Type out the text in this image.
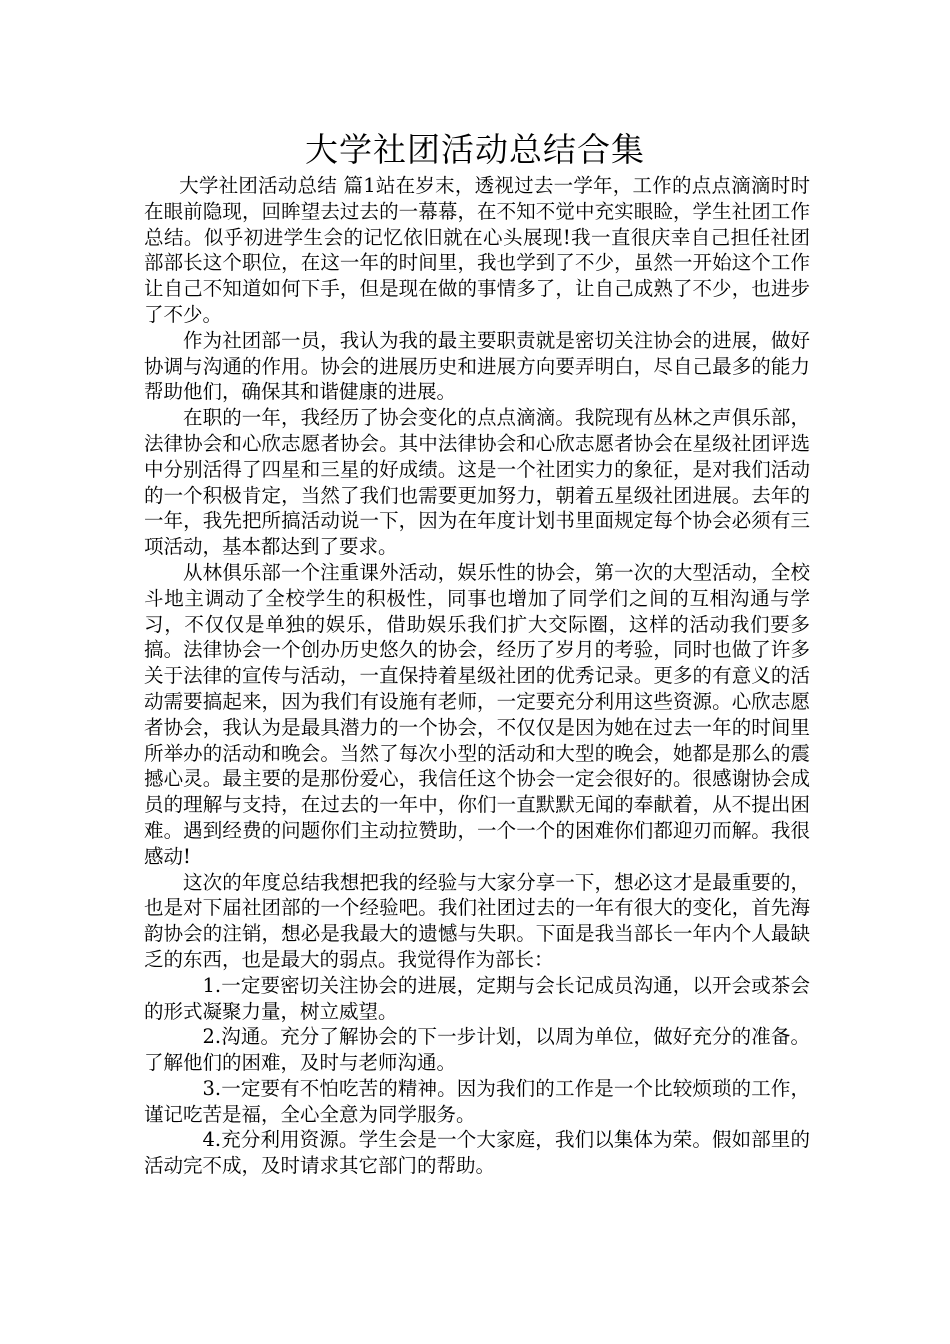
大学社团活动总结合集

大学社团活动总结 篇1站在岁末，透视过去一学年，工作的点点滴滴时时在眼前隐现，回眸望去过去的一幕幕，在不知不觉中充实眼睑，学生社团工作总结。似乎初进学生会的记忆依旧就在心头展现!我一直很庆幸自己担任社团部部长这个职位，在这一年的时间里，我也学到了不少，虽然一开始这个工作让自己不知道如何下手，但是现在做的事情多了，让自己成熟了不少，也进步了不少。

作为社团部一员，我认为我的最主要职责就是密切关注协会的进展，做好协调与沟通的作用。协会的进展历史和进展方向要弄明白，尽自己最多的能力帮助他们，确保其和谐健康的进展。

在职的一年，我经历了协会变化的点点滴滴。我院现有丛林之声俱乐部，法律协会和心欣志愿者协会。其中法律协会和心欣志愿者协会在星级社团评选中分别活得了四星和三星的好成绩。这是一个社团实力的象征，是对我们活动的一个积极肯定，当然了我们也需要更加努力，朝着五星级社团进展。去年的一年，我先把所搞活动说一下，因为在年度计划书里面规定每个协会必须有三项活动，基本都达到了要求。

从林俱乐部一个注重课外活动，娱乐性的协会，第一次的大型活动，全校斗地主调动了全校学生的积极性，同事也增加了同学们之间的互相沟通与学习，不仅仅是单独的娱乐，借助娱乐我们扩大交际圈，这样的活动我们要多搞。法律协会一个创办历史悠久的协会，经历了岁月的考验，同时也做了许多关于法律的宣传与活动，一直保持着星级社团的优秀记录。更多的有意义的活动需要搞起来，因为我们有设施有老师，一定要充分利用这些资源。心欣志愿者协会，我认为是最具潜力的一个协会，不仅仅是因为她在过去一年的时间里所举办的活动和晚会。当然了每次小型的活动和大型的晚会，她都是那么的震撼心灵。最主要的是那份爱心，我信任这个协会一定会很好的。很感谢协会成员的理解与支持，在过去的一年中，你们一直默默无闻的奉献着，从不提出困难。遇到经费的问题你们主动拉赞助，一个一个的困难你们都迎刃而解。我很感动!

这次的年度总结我想把我的经验与大家分享一下，想必这才是最重要的，也是对下届社团部的一个经验吧。我们社团过去的一年有很大的变化，首先海韵协会的注销，想必是我最大的遗憾与失职。下面是我当部长一年内个人最缺乏的东西，也是最大的弱点。我觉得作为部长：

1.一定要密切关注协会的进展，定期与会长记成员沟通，以开会或茶会的形式凝聚力量，树立威望。

2.沟通。充分了解协会的下一步计划，以周为单位，做好充分的准备。了解他们的困难，及时与老师沟通。

3.一定要有不怕吃苦的精神。因为我们的工作是一个比较烦琐的工作，谨记吃苦是福，全心全意为同学服务。

4.充分利用资源。学生会是一个大家庭，我们以集体为荣。假如部里的活动完不成，及时请求其它部门的帮助。
